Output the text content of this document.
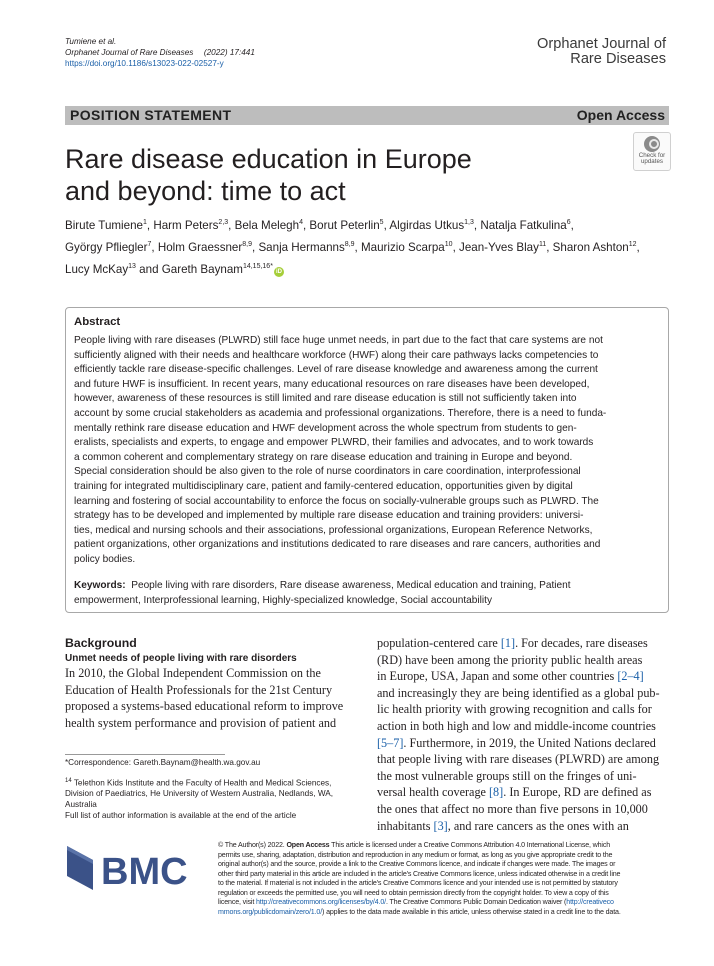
Tumiene et al.
Orphanet Journal of Rare Diseases (2022) 17:441
https://doi.org/10.1186/s13023-022-02527-y
Orphanet Journal of
Rare Diseases
POSITION STATEMENT	Open Access
Rare disease education in Europe
and beyond: time to act
Check for
updates
Birute Tumiene$^1$, Harm Peters$^{2,3}$, Bela Melegh$^4$, Borut Peterlin$^5$, Algirdas Utkus$^{1,3}$, Natalja Fatkulina$^6$,
György Pfliegler$^7$, Holm Graessner$^{8,9}$, Sanja Hermanns$^{8,9}$, Maurizio Scarpa$^{10}$, Jean-Yves Blay$^{11}$, Sharon Ashton$^{12}$,
Lucy McKay$^{13}$ and Gareth Baynam$^{14,15,16*}$iD
Abstract
People living with rare diseases (PLWRD) still face huge unmet needs, in part due to the fact that care systems are not
sufficiently aligned with their needs and healthcare workforce (HWF) along their care pathways lacks competencies to
efficiently tackle rare disease-specific challenges. Level of rare disease knowledge and awareness among the current
and future HWF is insufficient. In recent years, many educational resources on rare diseases have been developed,
however, awareness of these resources is still limited and rare disease education is still not sufficiently taken into
account by some crucial stakeholders as academia and professional organizations. Therefore, there is a need to funda-
mentally rethink rare disease education and HWF development across the whole spectrum from students to gen-
eralists, specialists and experts, to engage and empower PLWRD, their families and advocates, and to work towards
a common coherent and complementary strategy on rare disease education and training in Europe and beyond.
Special consideration should be also given to the role of nurse coordinators in care coordination, interprofessional
training for integrated multidisciplinary care, patient and family-centered education, opportunities given by digital
learning and fostering of social accountability to enforce the focus on socially-vulnerable groups such as PLWRD. The
strategy has to be developed and implemented by multiple rare disease education and training providers: universi-
ties, medical and nursing schools and their associations, professional organizations, European Reference Networks,
patient organizations, other organizations and institutions dedicated to rare diseases and rare cancers, authorities and
policy bodies.
Keywords: People living with rare disorders, Rare disease awareness, Medical education and training, Patient
empowerment, Interprofessional learning, Highly-specialized knowledge, Social accountability
Background
Unmet needs of people living with rare disorders
In 2010, the Global Independent Commission on the
Education of Health Professionals for the 21st Century
proposed a systems-based educational reform to improve
health system performance and provision of patient and
population-centered care [1]. For decades, rare diseases
(RD) have been among the priority public health areas
in Europe, USA, Japan and some other countries [2–4]
and increasingly they are being identified as a global pub-
lic health priority with growing recognition and calls for
action in both high and low and middle-income countries
[5–7]. Furthermore, in 2019, the United Nations declared
that people living with rare diseases (PLWRD) are among
the most vulnerable groups still on the fringes of uni-
versal health coverage [8]. In Europe, RD are defined as
the ones that affect no more than five persons in 10,000
inhabitants [3], and rare cancers as the ones with an
*Correspondence: Gareth.Baynam@health.wa.gov.au
$^{14}$ Telethon Kids Institute and the Faculty of Health and Medical Sciences,
Division of Paediatrics, He University of Western Australia, Nedlands, WA,
Australia
Full list of author information is available at the end of the article
BMC
© The Author(s) 2022. Open Access This article is licensed under a Creative Commons Attribution 4.0 International License, which
permits use, sharing, adaptation, distribution and reproduction in any medium or format, as long as you give appropriate credit to the
original author(s) and the source, provide a link to the Creative Commons licence, and indicate if changes were made. The images or
other third party material in this article are included in the article's Creative Commons licence, unless indicated otherwise in a credit line
to the material. If material is not included in the article's Creative Commons licence and your intended use is not permitted by statutory
regulation or exceeds the permitted use, you will need to obtain permission directly from the copyright holder. To view a copy of this
licence, visit http://creativecommons.org/licenses/by/4.0/. The Creative Commons Public Domain Dedication waiver (http://creativeco
mmons.org/publicdomain/zero/1.0/) applies to the data made available in this article, unless otherwise stated in a credit line to the data.
